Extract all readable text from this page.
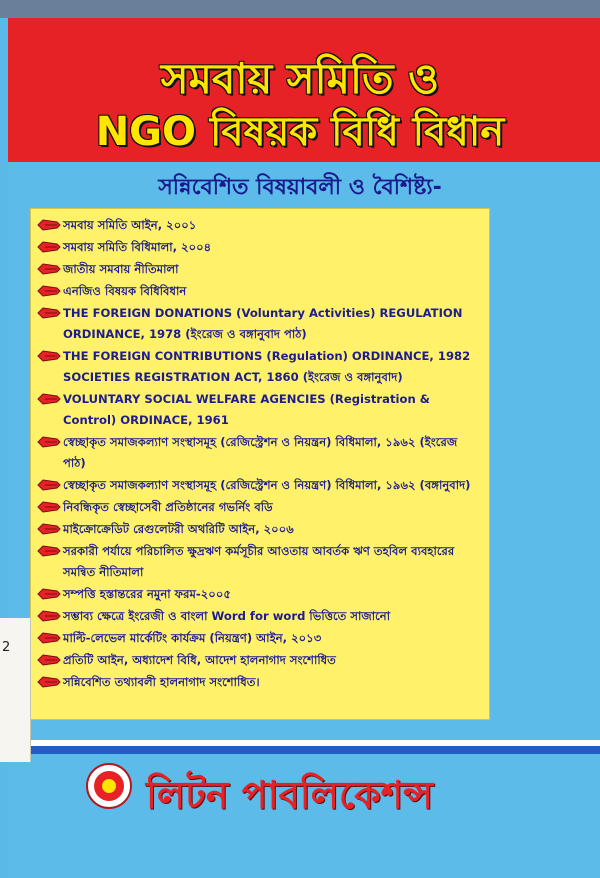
সমবায় সমিতি ও
NGO বিষয়ক বিধি বিধান
সন্নিবেশিত বিষয়াবলী ও বৈশিষ্ট্য-
সমবায় সমিতি আইন, ২০০১
সমবায় সমিতি বিধিমালা, ২০০৪
জাতীয় সমবায় নীতিমালা
এনজিও বিষয়ক বিধিবিধান
THE FOREIGN DONATIONS (Voluntary Activities) REGULATION ORDINANCE, 1978 (ইংরেজ ও বঙ্গানুবাদ পাঠ)
THE FOREIGN CONTRIBUTIONS (Regulation) ORDINANCE, 1982 SOCIETIES REGISTRATION ACT, 1860 (ইংরেজ ও বঙ্গানুবাদ)
VOLUNTARY SOCIAL WELFARE AGENCIES (Registration & Control) ORDINACE, 1961
স্বেচ্ছাকৃত সমাজকল্যাণ সংস্থাসমূহ (রেজিস্ট্রেশন ও নিয়ন্ত্রন) বিধিমালা, ১৯৬২ (ইংরেজ পাঠ)
স্বেচ্ছাকৃত সমাজকল্যাণ সংস্থাসমূহ (রেজিস্ট্রেশন ও নিয়ন্ত্রণ) বিধিমালা, ১৯৬২ (বঙ্গানুবাদ)
নিবন্ধিকৃত স্বেচ্ছাসেবী প্রতিষ্ঠানের গভর্নিং বডি
মাইক্রোক্রেডিট রেগুলেটরী অথরিটি আইন, ২০০৬
সরকারী পর্যায়ে পরিচালিত ক্ষুদ্রঋণ কর্মসূচীর আওতায় আবর্তক ঋণ তহবিল ব্যবহারের সমন্বিত নীতিমালা
সম্পত্তি হস্তান্তরের নমুনা ফরম-২০০৫
সম্ভাব্য ক্ষেত্রে ইংরেজী ও বাংলা Word for word ভিত্তিতে সাজানো
মাল্টি-লেভেল মার্কেটিং কার্যক্রম (নিয়ন্ত্রণ) আইন, ২০১৩
প্রতিটি আইন, অধ্যাদেশ বিধি, আদেশ হালনাগাদ সংশোধিত
সন্নিবেশিত তথ্যাবলী হালনাগাদ সংশোধিত।
লিটন পাবলিকেশন্স
2
